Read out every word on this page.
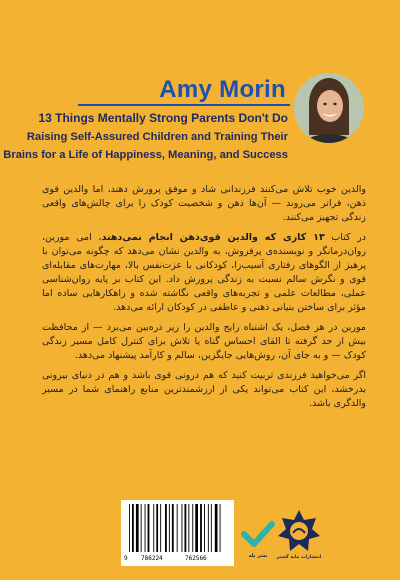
Amy Morin
13 Things Mentally Strong Parents Don't Do
Raising Self-Assured Children and Training Their
Brains for a Life of Happiness, Meaning, and Success

والدین خوب تلاش می‌کنند فرزندانی شاد و موفق پرورش دهند، اما والدین قوی ذهن، فراتر می‌روند — آن‌ها ذهن و شخصیت کودک را برای چالش‌های واقعی زندگی تجهیز می‌کنند.

در کتاب ۱۳ کاری که والدین قوی‌ذهن انجام نمی‌دهند، امی مورین، روان‌درمانگر و نویسنده‌ی پرفروش، به والدین نشان می‌دهد که چگونه می‌توان با پرهیز از الگوهای رفتاری آسیب‌زا، کودکانی با عزت‌نفس بالا، مهارت‌های مقابله‌ای قوی و نگرش سالم نسبت به زندگی پرورش داد. این کتاب بر پایه روان‌شناسی عملی، مطالعات علمی و تجربه‌های واقعی نگاشته شده و راهکارهایی ساده اما مؤثر برای ساختن بنیانی ذهنی و عاطفی در کودکان ارائه می‌دهد.

مورین در هر فصل، یک اشتباه رایج والدین را زیر ذره‌بین می‌برد — از محافظت بیش از حد گرفته تا القای احساس گناه یا تلاش برای کنترل کامل مسیر زندگی کودک — و به جای آن، روش‌هایی جایگزین، سالم و کارآمد پیشنهاد می‌دهد.

اگر می‌خواهید فرزندی تربیت کنید که هم درونی قوی باشد و هم در دنیای بیرونی بدرخشد، این کتاب می‌تواند یکی از ارزشمندترین منابع راهنمای شما در مسیر والدگری باشد.

9 786224	762566	نشر بله	انتشارات مایه گستر
